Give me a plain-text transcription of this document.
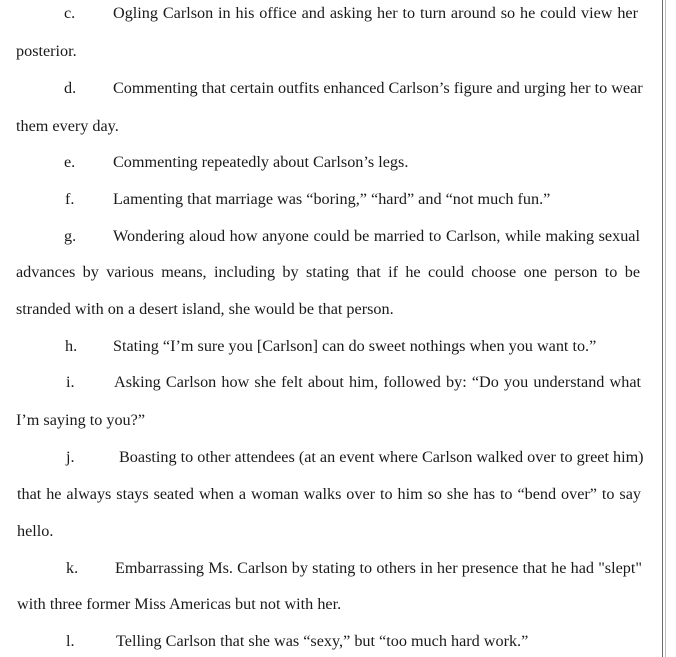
c. Ogling Carlson in his office and asking her to turn around so he could view her
posterior.
d. Commenting that certain outfits enhanced Carlson’s figure and urging her to wear
them every day.
e. Commenting repeatedly about Carlson’s legs.
f. Lamenting that marriage was “boring,” “hard” and “not much fun.”
g. Wondering aloud how anyone could be married to Carlson, while making sexual
advances by various means, including by stating that if he could choose one person to be
stranded with on a desert island, she would be that person.
h. Stating “I’m sure you [Carlson] can do sweet nothings when you want to.”
i. Asking Carlson how she felt about him, followed by: “Do you understand what
I’m saying to you?”
j.	Boasting to other attendees (at an event where Carlson walked over to greet him)
that he always stays seated when a woman walks over to him so she has to “bend over” to say
hello.
k. Embarrassing Ms. Carlson by stating to others in her presence that he had "slept"
with three former Miss Americas but not with her.
l.	Telling Carlson that she was “sexy,” but “too much hard work.”
